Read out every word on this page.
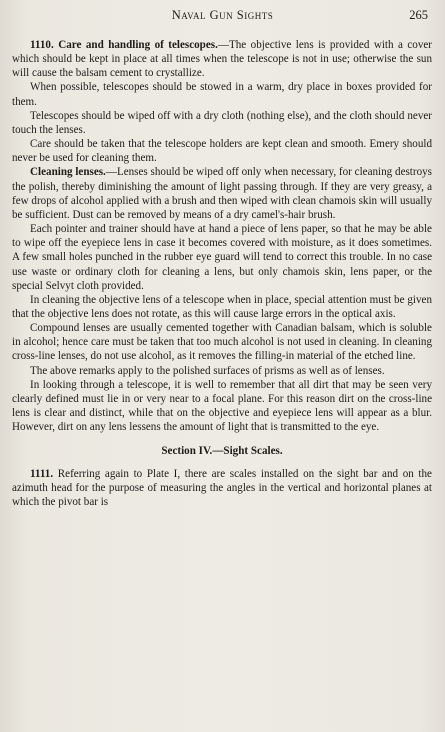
Naval Gun Sights	265

1110. Care and handling of telescopes.—The objective lens is provided with a cover which should be kept in place at all times when the telescope is not in use; otherwise the sun will cause the balsam cement to crystallize.

When possible, telescopes should be stowed in a warm, dry place in boxes provided for them.

Telescopes should be wiped off with a dry cloth (nothing else), and the cloth should never touch the lenses.

Care should be taken that the telescope holders are kept clean and smooth. Emery should never be used for cleaning them.

Cleaning lenses.—Lenses should be wiped off only when necessary, for cleaning destroys the polish, thereby diminishing the amount of light passing through. If they are very greasy, a few drops of alcohol applied with a brush and then wiped with clean chamois skin will usually be sufficient. Dust can be removed by means of a dry camel's-hair brush.

Each pointer and trainer should have at hand a piece of lens paper, so that he may be able to wipe off the eyepiece lens in case it becomes covered with moisture, as it does sometimes. A few small holes punched in the rubber eye guard will tend to correct this trouble. In no case use waste or ordinary cloth for cleaning a lens, but only chamois skin, lens paper, or the special Selvyt cloth provided.

In cleaning the objective lens of a telescope when in place, special attention must be given that the objective lens does not rotate, as this will cause large errors in the optical axis.

Compound lenses are usually cemented together with Canadian balsam, which is soluble in alcohol; hence care must be taken that too much alcohol is not used in cleaning. In cleaning cross-line lenses, do not use alcohol, as it removes the filling-in material of the etched line.

The above remarks apply to the polished surfaces of prisms as well as of lenses.

In looking through a telescope, it is well to remember that all dirt that may be seen very clearly defined must lie in or very near to a focal plane. For this reason dirt on the cross-line lens is clear and distinct, while that on the objective and eyepiece lens will appear as a blur. However, dirt on any lens lessens the amount of light that is transmitted to the eye.

Section IV.—Sight Scales.

1111. Referring again to Plate I, there are scales installed on the sight bar and on the azimuth head for the purpose of measuring the angles in the vertical and horizontal planes at which the pivot bar is
